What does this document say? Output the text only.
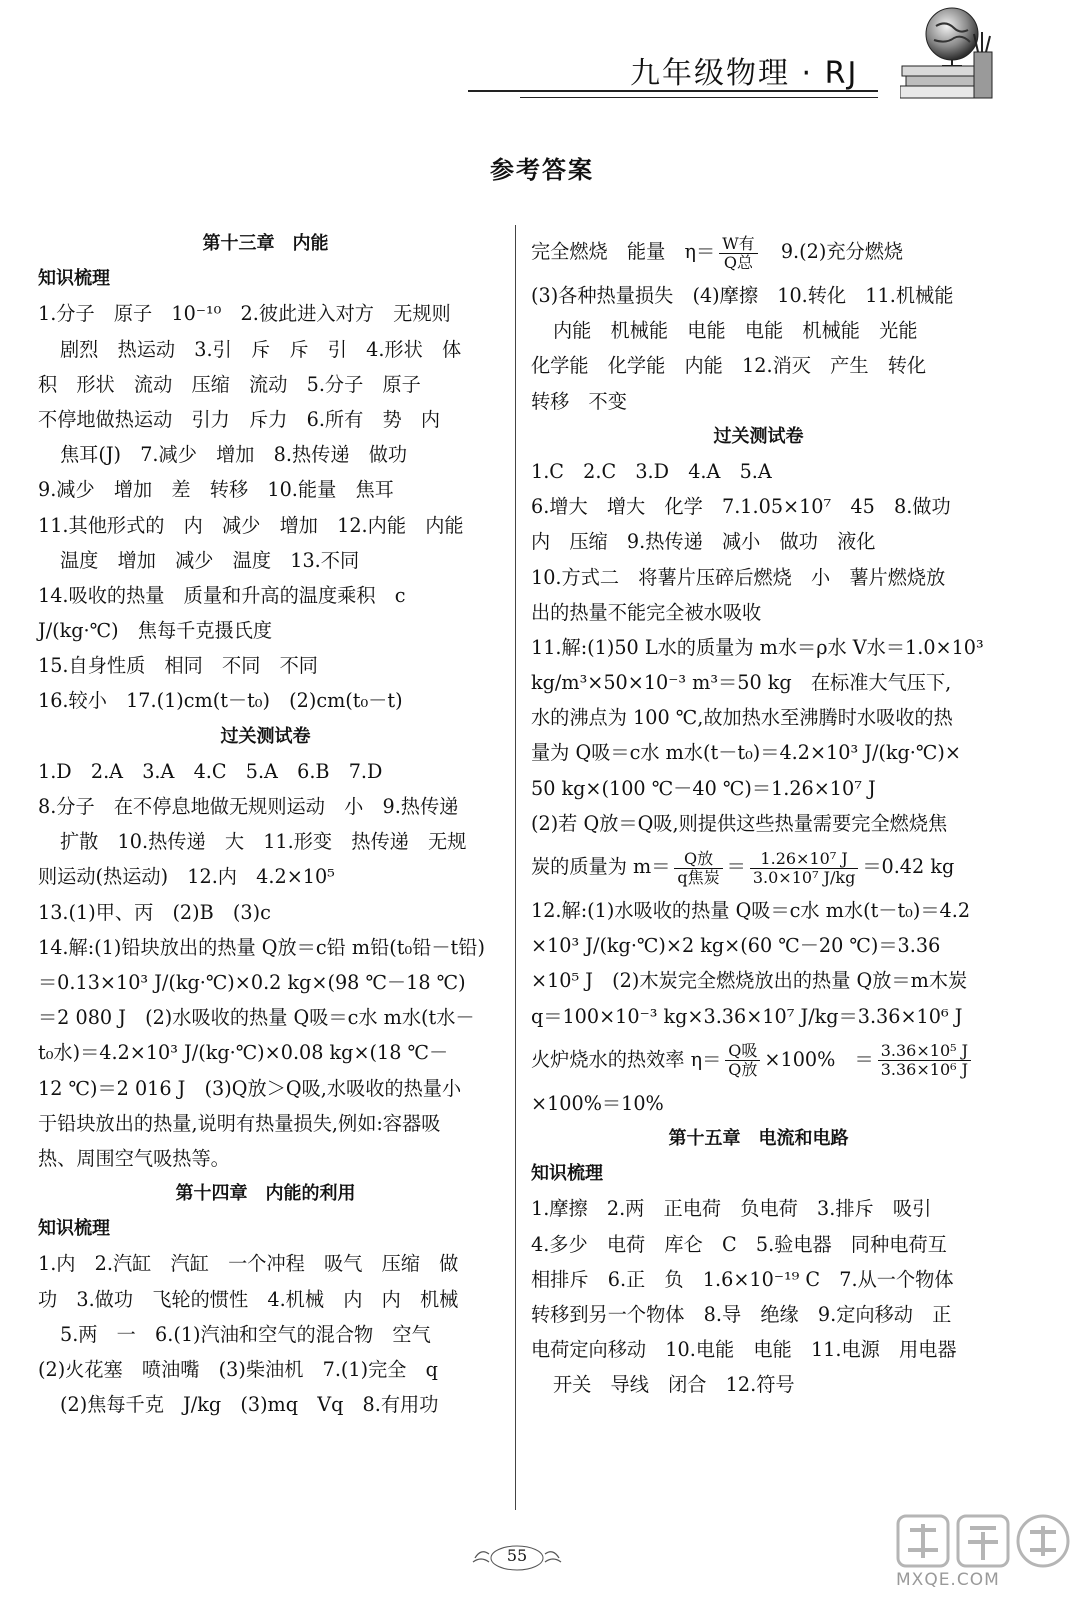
九年级物理 · RJ
参考答案
第十三章　内能
知识梳理
1.分子　原子　10⁻¹⁰　2.彼此进入对方　无规则
剧烈　热运动　3.引　斥　斥　引　4.形状　体
积　形状　流动　压缩　流动　5.分子　原子
不停地做热运动　引力　斥力　6.所有　势　内
焦耳(J)　7.减少　增加　8.热传递　做功
9.减少　增加　差　转移　10.能量　焦耳
11.其他形式的　内　减少　增加　12.内能　内能
温度　增加　减少　温度　13.不同
14.吸收的热量　质量和升高的温度乘积　c
J/(kg·℃)　焦每千克摄氏度
15.自身性质　相同　不同　不同
16.较小　17.(1)cm(t－t₀)　(2)cm(t₀－t)
过关测试卷
1.D　2.A　3.A　4.C　5.A　6.B　7.D
8.分子　在不停息地做无规则运动　小　9.热传递
扩散　10.热传递　大　11.形变　热传递　无规
则运动(热运动)　12.内　4.2×10⁵
13.(1)甲、丙　(2)B　(3)c
14.解:(1)铅块放出的热量 Q放＝c铅 m铅(t₀铅－t铅)
＝0.13×10³ J/(kg·℃)×0.2 kg×(98 ℃－18 ℃)
＝2 080 J　(2)水吸收的热量 Q吸＝c水 m水(t水－
t₀水)＝4.2×10³ J/(kg·℃)×0.08 kg×(18 ℃－
12 ℃)＝2 016 J　(3)Q放＞Q吸,水吸收的热量小
于铅块放出的热量,说明有热量损失,例如:容器吸
热、周围空气吸热等。
第十四章　内能的利用
知识梳理
1.内　2.汽缸　汽缸　一个冲程　吸气　压缩　做
功　3.做功　飞轮的惯性　4.机械　内　内　机械
5.两　一　6.(1)汽油和空气的混合物　空气
(2)火花塞　喷油嘴　(3)柴油机　7.(1)完全　q
(2)焦每千克　J/kg　(3)mq　Vq　8.有用功
完全燃烧　能量　$\eta= \frac{\text{W有}}{\text{Q总}}$ 　9.(2)充分燃烧
(3)各种热量损失　(4)摩擦　10.转化　11.机械能
内能　机械能　电能　电能　机械能　光能
化学能　化学能　内能　12.消灭　产生　转化
转移　不变
过关测试卷
1.C　2.C　3.D　4.A　5.A
6.增大　增大　化学　7.1.05×10⁷　45　8.做功
内　压缩　9.热传递　减小　做功　液化
10.方式二　将薯片压碎后燃烧　小　薯片燃烧放
出的热量不能完全被水吸收
11.解:(1)50 L水的质量为 m水＝ρ水 V水＝1.0×10³
kg/m³×50×10⁻³ m³＝50 kg　在标准大气压下,
水的沸点为 100 ℃,故加热水至沸腾时水吸收的热
量为 Q吸＝c水 m水(t－t₀)＝4.2×10³ J/(kg·℃)×
50 kg×(100 ℃－40 ℃)＝1.26×10⁷ J
(2)若 Q放＝Q吸,则提供这些热量需要完全燃烧焦
炭的质量为 $m= \frac{\text{Q放}}{\text{q焦炭}} = \frac{\text{1.26×10⁷ J}}{\text{3.0×10⁷ J/kg}} =0.42$ kg
12.解:(1)水吸收的热量 Q吸＝c水 m水(t－t₀)＝4.2
×10³ J/(kg·℃)×2 kg×(60 ℃－20 ℃)＝3.36
×10⁵ J　(2)木炭完全燃烧放出的热量 Q放＝m木炭
q＝100×10⁻³ kg×3.36×10⁷ J/kg＝3.36×10⁶ J
火炉烧水的热效率 $\eta= \frac{\text{Q吸}}{\text{Q放}} \times 100\%$　＝ $\frac{\text{3.36×10⁵ J}}{\text{3.36×10⁶ J}}$
×100%＝10%
第十五章　电流和电路
知识梳理
1.摩擦　2.两　正电荷　负电荷　3.排斥　吸引
4.多少　电荷　库仑　C　5.验电器　同种电荷互
相排斥　6.正　负　1.6×10⁻¹⁹ C　7.从一个物体
转移到另一个物体　8.导　绝缘　9.定向移动　正
电荷定向移动　10.电能　电能　11.电源　用电器
开关　导线　闭合　12.符号
55
MXQE.COM
